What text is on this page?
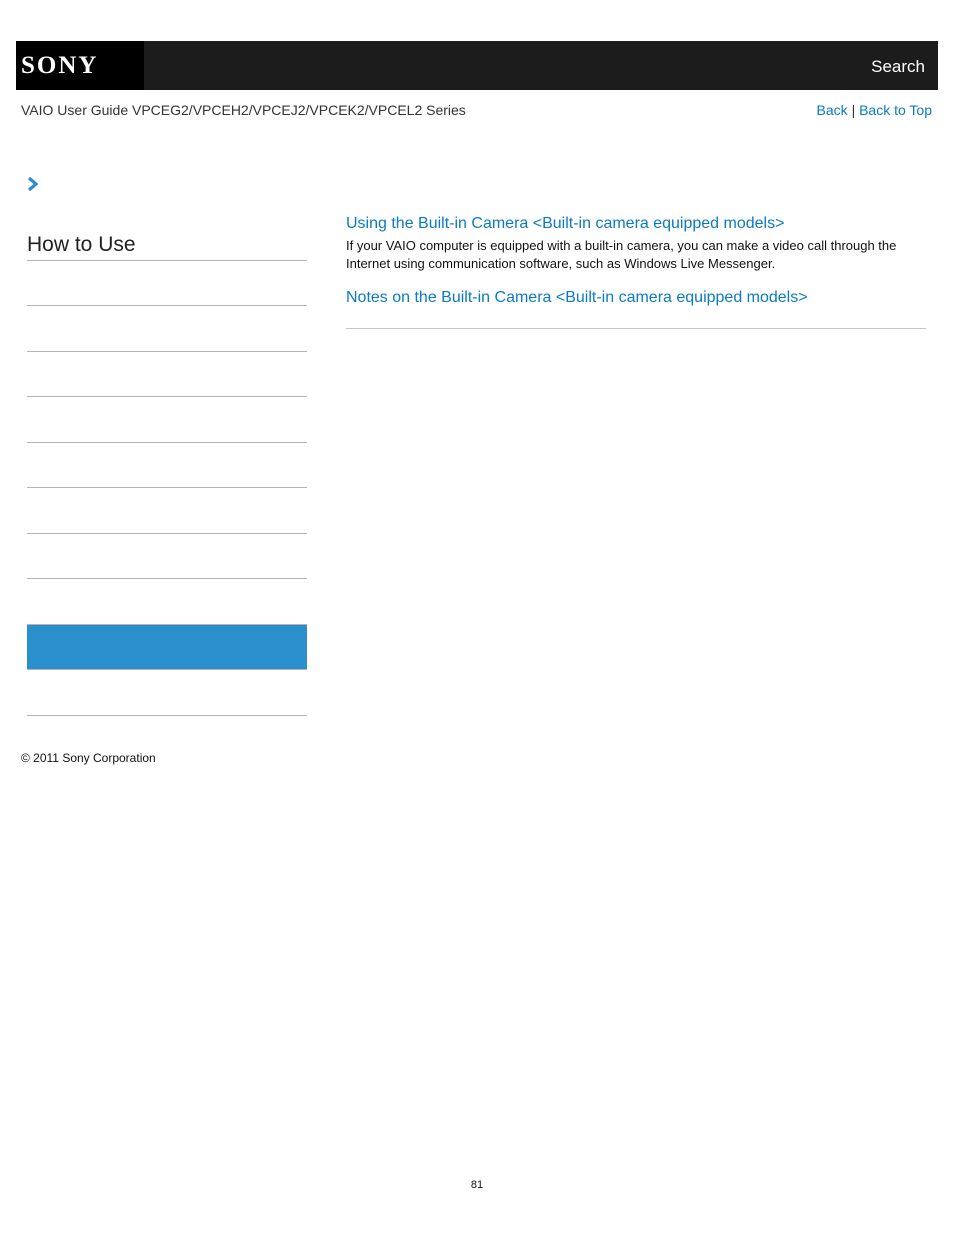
SONY	Search
VAIO User Guide VPCEG2/VPCEH2/VPCEJ2/VPCEK2/VPCEL2 Series	Back | Back to Top
How to Use
Using the Built-in Camera <Built-in camera equipped models>
If your VAIO computer is equipped with a built-in camera, you can make a video call through the Internet using communication software, such as Windows Live Messenger.
Notes on the Built-in Camera <Built-in camera equipped models>
© 2011 Sony Corporation
81
